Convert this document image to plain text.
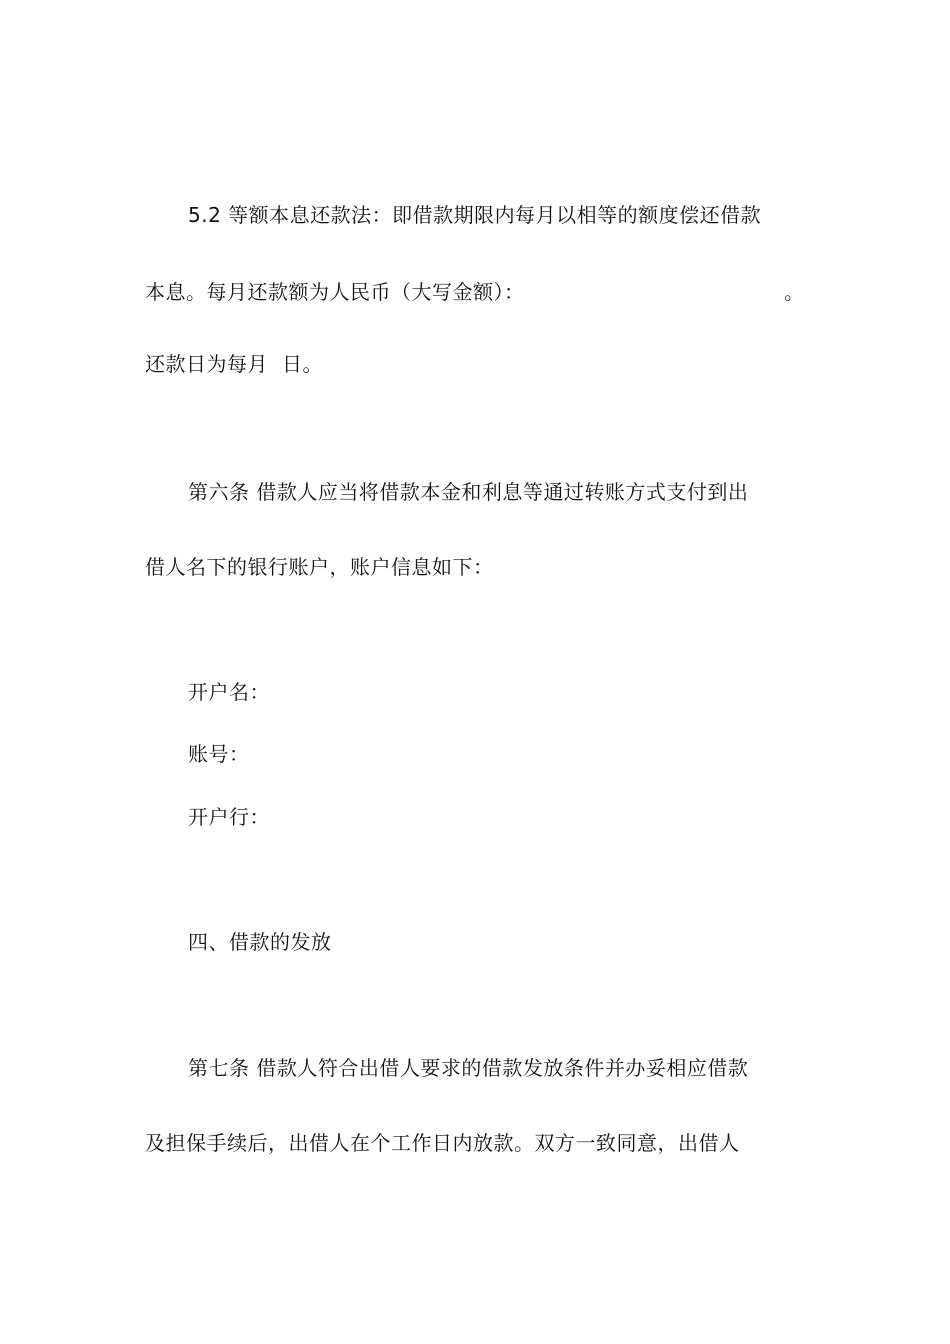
5.2 等额本息还款法：即借款期限内每月以相等的额度偿还借款
本息。每月还款额为人民币（大写金额）：	。
还款日为每月 日。
第六条 借款人应当将借款本金和利息等通过转账方式支付到出
借人名下的银行账户，账户信息如下：
开户名：
账号：
开户行：
四、借款的发放
第七条 借款人符合出借人要求的借款发放条件并办妥相应借款
及担保手续后，出借人在个工作日内放款。双方一致同意，出借人
